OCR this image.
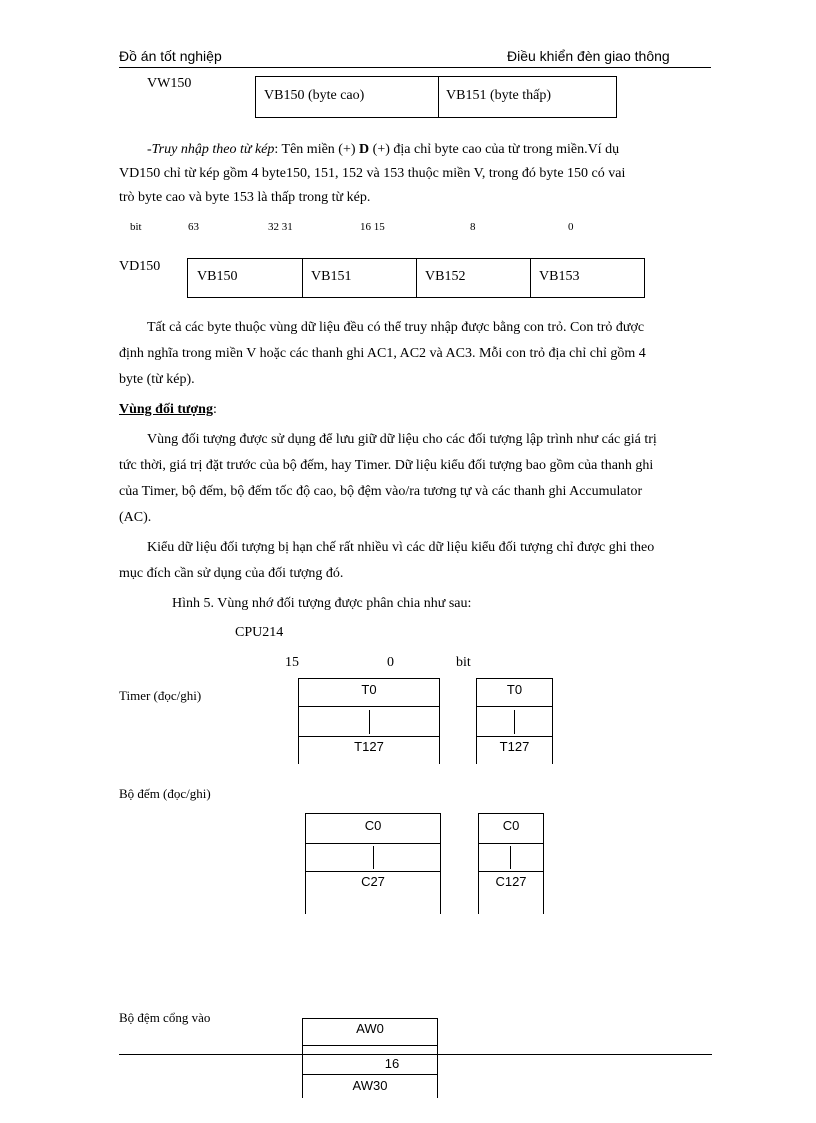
Đồ án tốt nghiệp	Điều khiển đèn giao thông
VW150
VB150 (byte cao)	VB151 (byte thấp)
-Truy nhập theo từ kép: Tên miền (+) D (+) địa chỉ byte cao của từ trong miền.Ví dụ
VD150 chỉ từ kép gồm 4 byte150, 151, 152 và 153 thuộc miền V, trong đó byte 150 có vai
trò byte cao và byte 153 là thấp trong từ kép.
bit	63	32 31	16 15	8	0
VD150
VB150	VB151	VB152	VB153
Tất cả các byte thuộc vùng dữ liệu đều có thể truy nhập được bằng con trỏ. Con trỏ được
định nghĩa trong miền V hoặc các thanh ghi AC1, AC2 và AC3. Mỗi con trỏ địa chỉ chỉ gồm 4
byte (từ kép).
Vùng đối tượng:
Vùng đối tượng được sử dụng để lưu giữ dữ liệu cho các đối tượng lập trình như các giá trị
tức thời, giá trị đặt trước của bộ đếm, hay Timer. Dữ liệu kiểu đối tượng bao gồm của thanh ghi
của Timer, bộ đếm, bộ đếm tốc độ cao, bộ đệm vào/ra tương tự và các thanh ghi Accumulator
(AC).
Kiểu dữ liệu đối tượng bị hạn chế rất nhiều vì các dữ liệu kiểu đối tượng chỉ được ghi theo
mục đích cần sử dụng của đối tượng đó.
Hình 5. Vùng nhớ đối tượng được phân chia như sau:
CPU214
15	0	bit
Timer (đọc/ghi)	T0
T127
T0
T127
Bộ đếm (đọc/ghi)
C0
C27
C0
C127
Bộ đệm cổng vào
AW0
16
AW30
